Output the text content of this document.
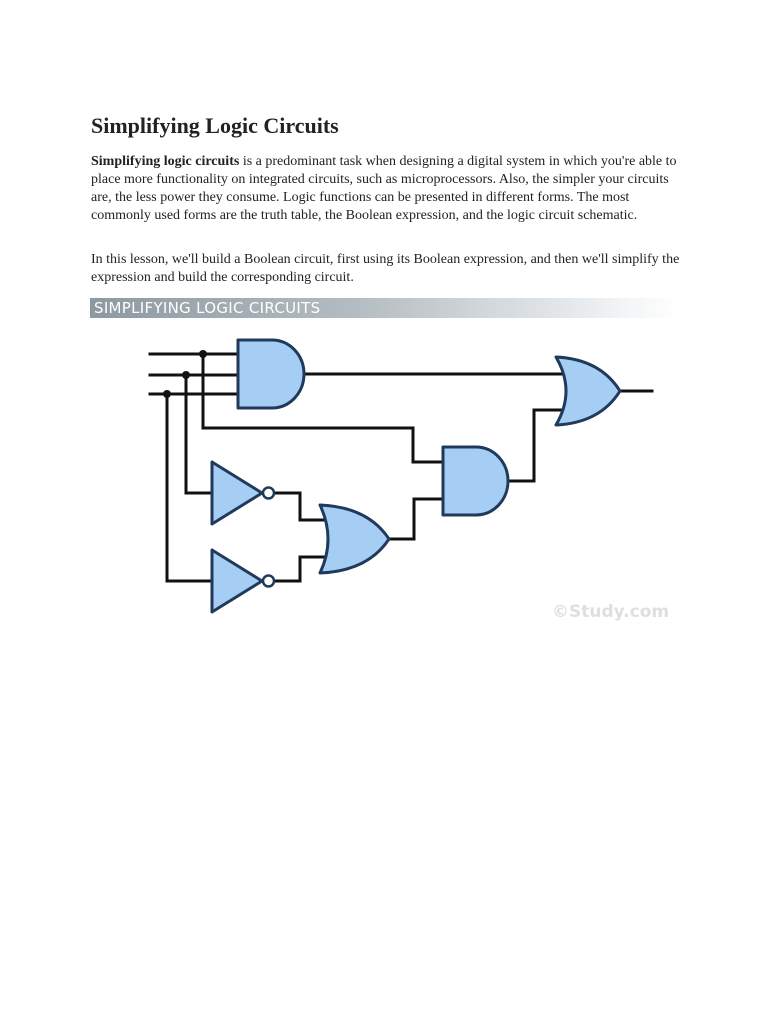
Simplifying Logic Circuits

Simplifying logic circuits is a predominant task when designing a digital system in which you're able to place more functionality on integrated circuits, such as microprocessors. Also, the simpler your circuits are, the less power they consume. Logic functions can be presented in different forms. The most commonly used forms are the truth table, the Boolean expression, and the logic circuit schematic.

In this lesson, we'll build a Boolean circuit, first using its Boolean expression, and then we'll simplify the expression and build the corresponding circuit.

SIMPLIFYING LOGIC CIRCUITS
©Study.com
